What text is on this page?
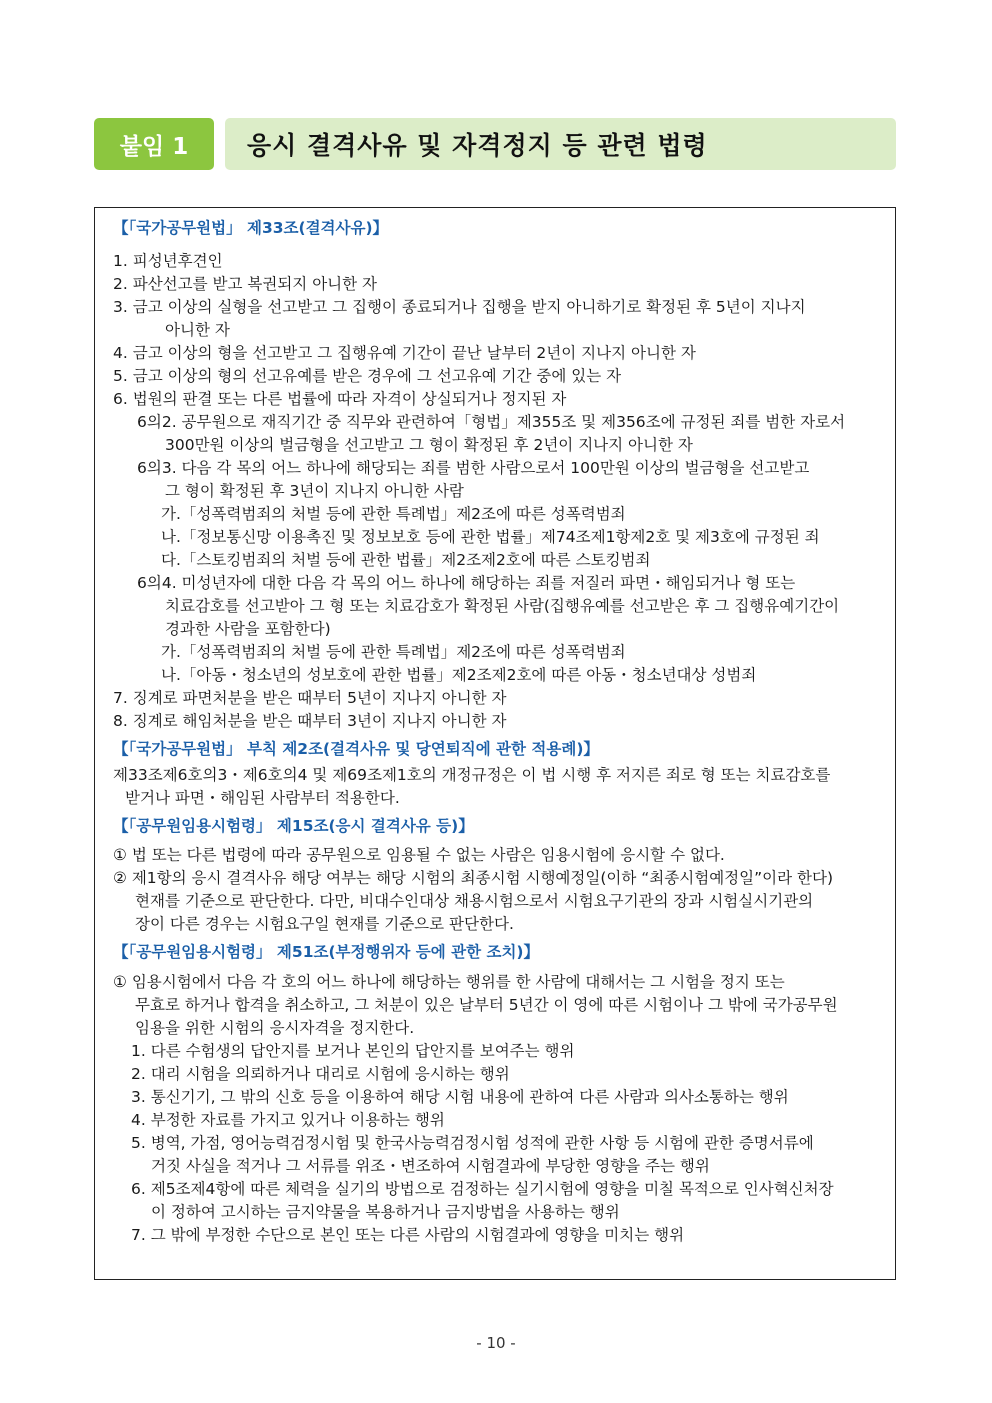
붙임 1	응시 결격사유 및 자격정지 등 관련 법령
【「국가공무원법」 제33조(결격사유)】
1. 피성년후견인
2. 파산선고를 받고 복권되지 아니한 자
3. 금고 이상의 실형을 선고받고 그 집행이 종료되거나 집행을 받지 아니하기로 확정된 후 5년이 지나지
아니한 자
4. 금고 이상의 형을 선고받고 그 집행유예 기간이 끝난 날부터 2년이 지나지 아니한 자
5. 금고 이상의 형의 선고유예를 받은 경우에 그 선고유예 기간 중에 있는 자
6. 법원의 판결 또는 다른 법률에 따라 자격이 상실되거나 정지된 자
6의2. 공무원으로 재직기간 중 직무와 관련하여「형법」제355조 및 제356조에 규정된 죄를 범한 자로서
300만원 이상의 벌금형을 선고받고 그 형이 확정된 후 2년이 지나지 아니한 자
6의3. 다음 각 목의 어느 하나에 해당되는 죄를 범한 사람으로서 100만원 이상의 벌금형을 선고받고
그 형이 확정된 후 3년이 지나지 아니한 사람
가.「성폭력범죄의 처벌 등에 관한 특례법」제2조에 따른 성폭력범죄
나.「정보통신망 이용촉진 및 정보보호 등에 관한 법률」제74조제1항제2호 및 제3호에 규정된 죄
다.「스토킹범죄의 처벌 등에 관한 법률」제2조제2호에 따른 스토킹범죄
6의4. 미성년자에 대한 다음 각 목의 어느 하나에 해당하는 죄를 저질러 파면・해임되거나 형 또는
치료감호를 선고받아 그 형 또는 치료감호가 확정된 사람(집행유예를 선고받은 후 그 집행유예기간이
경과한 사람을 포함한다)
가.「성폭력범죄의 처벌 등에 관한 특례법」제2조에 따른 성폭력범죄
나.「아동・청소년의 성보호에 관한 법률」제2조제2호에 따른 아동・청소년대상 성범죄
7. 징계로 파면처분을 받은 때부터 5년이 지나지 아니한 자
8. 징계로 해임처분을 받은 때부터 3년이 지나지 아니한 자
【「국가공무원법」 부칙 제2조(결격사유 및 당연퇴직에 관한 적용례)】
제33조제6호의3・제6호의4 및 제69조제1호의 개정규정은 이 법 시행 후 저지른 죄로 형 또는 치료감호를
받거나 파면・해임된 사람부터 적용한다.
【「공무원임용시험령」 제15조(응시 결격사유 등)】
① 법 또는 다른 법령에 따라 공무원으로 임용될 수 없는 사람은 임용시험에 응시할 수 없다.
② 제1항의 응시 결격사유 해당 여부는 해당 시험의 최종시험 시행예정일(이하 “최종시험예정일”이라 한다)
현재를 기준으로 판단한다. 다만, 비대수인대상 채용시험으로서 시험요구기관의 장과 시험실시기관의
장이 다른 경우는 시험요구일 현재를 기준으로 판단한다.
【「공무원임용시험령」 제51조(부정행위자 등에 관한 조치)】
① 임용시험에서 다음 각 호의 어느 하나에 해당하는 행위를 한 사람에 대해서는 그 시험을 정지 또는
무효로 하거나 합격을 취소하고, 그 처분이 있은 날부터 5년간 이 영에 따른 시험이나 그 밖에 국가공무원
임용을 위한 시험의 응시자격을 정지한다.
1. 다른 수험생의 답안지를 보거나 본인의 답안지를 보여주는 행위
2. 대리 시험을 의뢰하거나 대리로 시험에 응시하는 행위
3. 통신기기, 그 밖의 신호 등을 이용하여 해당 시험 내용에 관하여 다른 사람과 의사소통하는 행위
4. 부정한 자료를 가지고 있거나 이용하는 행위
5. 병역, 가점, 영어능력검정시험 및 한국사능력검정시험 성적에 관한 사항 등 시험에 관한 증명서류에
거짓 사실을 적거나 그 서류를 위조・변조하여 시험결과에 부당한 영향을 주는 행위
6. 제5조제4항에 따른 체력을 실기의 방법으로 검정하는 실기시험에 영향을 미칠 목적으로 인사혁신처장
이 정하여 고시하는 금지약물을 복용하거나 금지방법을 사용하는 행위
7. 그 밖에 부정한 수단으로 본인 또는 다른 사람의 시험결과에 영향을 미치는 행위
- 10 -
